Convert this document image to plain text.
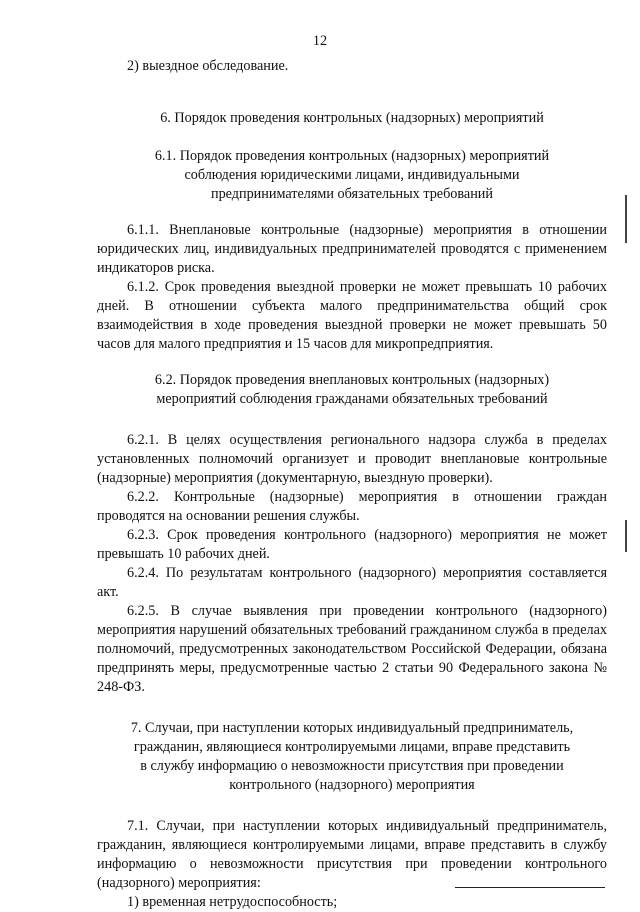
12

2) выездное обследование.

6. Порядок проведения контрольных (надзорных) мероприятий

6.1. Порядок проведения контрольных (надзорных) мероприятий
соблюдения юридическими лицами, индивидуальными
предпринимателями обязательных требований

6.1.1. Внеплановые контрольные (надзорные) мероприятия в отношении юридических лиц, индивидуальных предпринимателей проводятся с применением индикаторов риска.

6.1.2. Срок проведения выездной проверки не может превышать 10 рабочих дней. В отношении субъекта малого предпринимательства общий срок взаимодействия в ходе проведения выездной проверки не может превышать 50 часов для малого предприятия и 15 часов для микропредприятия.

6.2. Порядок проведения внеплановых контрольных (надзорных)
мероприятий соблюдения гражданами обязательных требований

6.2.1. В целях осуществления регионального надзора служба в пределах установленных полномочий организует и проводит внеплановые контрольные (надзорные) мероприятия (документарную, выездную проверки).

6.2.2. Контрольные (надзорные) мероприятия в отношении граждан проводятся на основании решения службы.

6.2.3. Срок проведения контрольного (надзорного) мероприятия не может превышать 10 рабочих дней.

6.2.4. По результатам контрольного (надзорного) мероприятия составляется акт.

6.2.5. В случае выявления при проведении контрольного (надзорного) мероприятия нарушений обязательных требований гражданином служба в пределах полномочий, предусмотренных законодательством Российской Федерации, обязана предпринять меры, предусмотренные частью 2 статьи 90 Федерального закона № 248-ФЗ.

7. Случаи, при наступлении которых индивидуальный предприниматель,
гражданин, являющиеся контролируемыми лицами, вправе представить
в службу информацию о невозможности присутствия при проведении
контрольного (надзорного) мероприятия

7.1. Случаи, при наступлении которых индивидуальный предприниматель, гражданин, являющиеся контролируемыми лицами, вправе представить в службу информацию о невозможности присутствия при проведении контрольного (надзорного) мероприятия:

1) временная нетрудоспособность;
